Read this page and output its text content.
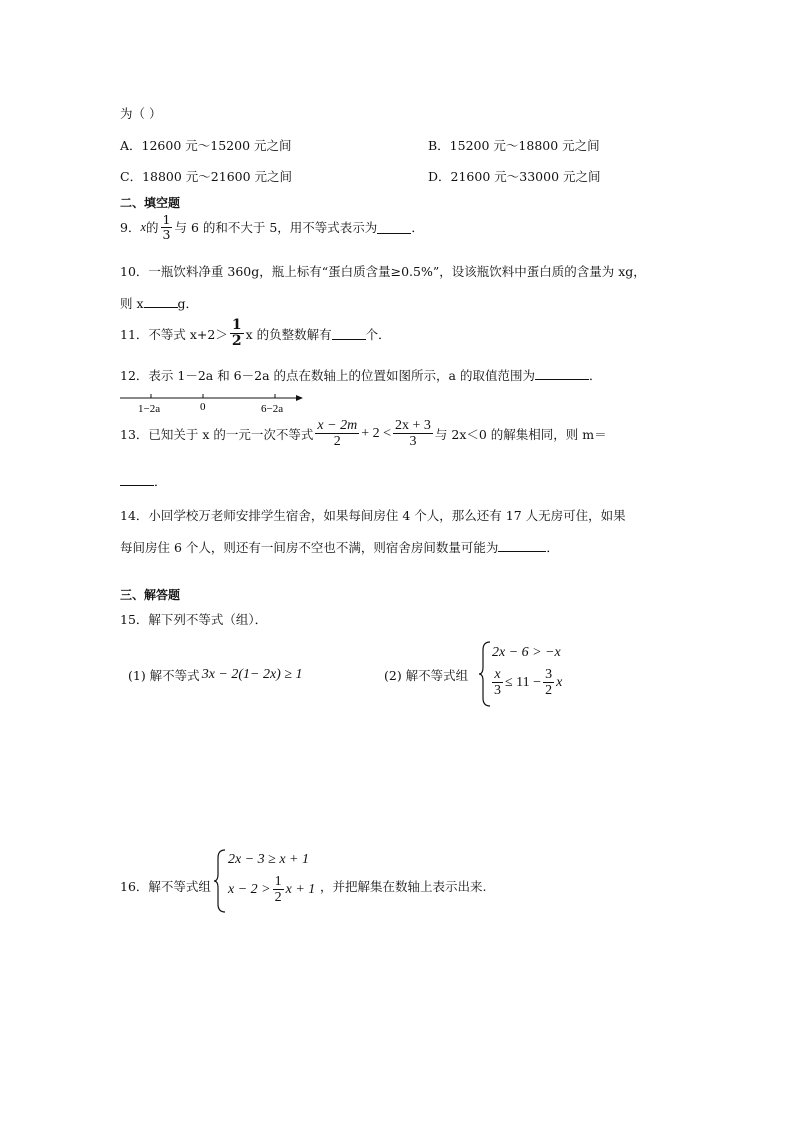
为（ ）
A．12600 元～15200 元之间	B．15200 元～18800 元之间
C．18800 元～21600 元之间	D．21600 元～33000 元之间
二、填空题
9． x 的 $\frac{1}{3}$ 与 6 的和不大于 5，用不等式表示为	．
10．一瓶饮料净重 360g，瓶上标有“蛋白质含量≥0.5%”，设该瓶饮料中蛋白质的含量为 xg，
则 x	g．
11．不等式 $x+2> \frac{1}{2}$ x 的负整数解有	个．
12．表示 1－2a 和 6－2a 的点在数轴上的位置如图所示，a 的取值范围为	．
1−2a	0	6−2a
13．已知关于 x 的一元一次不等式 $\frac{x - 2m}{2} + 2 < \frac{2x + 3}{3}$ 与 2x＜0 的解集相同，则 m＝
．
14．小回学校万老师安排学生宿舍，如果每间房住 4 个人，那么还有 17 人无房可住，如果
每间房住 6 个人，则还有一间房不空也不满，则宿舍房间数量可能为	．
三、解答题
15．解下列不等式（组）．
(1) 解不等式 3x − 2(1− 2x) ≥ 1	(2) 解不等式组
2x − 6 > −x
$\frac{x}{3} \le 11 - \frac{3}{2}$ x
16．解不等式组
2x − 3 ≥ x + 1
$x - 2 > \frac{1}{2}$ x + 1 ，并把解集在数轴上表示出来.
